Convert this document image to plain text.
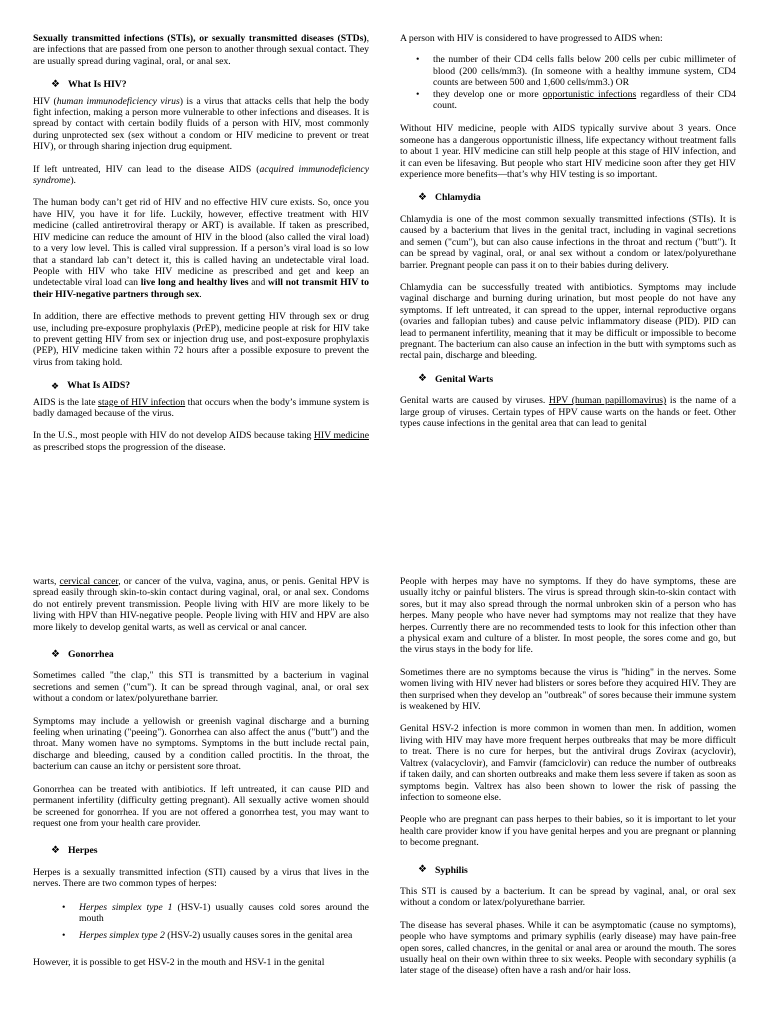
Sexually transmitted infections (STIs), or sexually transmitted diseases (STDs), are infections that are passed from one person to another through sexual contact. They are usually spread during vaginal, oral, or anal sex.

❖ What Is HIV?

HIV (human immunodeficiency virus) is a virus that attacks cells that help the body fight infection, making a person more vulnerable to other infections and diseases. It is spread by contact with certain bodily fluids of a person with HIV, most commonly during unprotected sex (sex without a condom or HIV medicine to prevent or treat HIV), or through sharing injection drug equipment.

If left untreated, HIV can lead to the disease AIDS (acquired immunodeficiency syndrome).

The human body can’t get rid of HIV and no effective HIV cure exists. So, once you have HIV, you have it for life. Luckily, however, effective treatment with HIV medicine (called antiretroviral therapy or ART) is available. If taken as prescribed, HIV medicine can reduce the amount of HIV in the blood (also called the viral load) to a very low level. This is called viral suppression. If a person’s viral load is so low that a standard lab can’t detect it, this is called having an undetectable viral load. People with HIV who take HIV medicine as prescribed and get and keep an undetectable viral load can live long and healthy lives and will not transmit HIV to their HIV-negative partners through sex.

In addition, there are effective methods to prevent getting HIV through sex or drug use, including pre-exposure prophylaxis (PrEP), medicine people at risk for HIV take to prevent getting HIV from sex or injection drug use, and post-exposure prophylaxis (PEP), HIV medicine taken within 72 hours after a possible exposure to prevent the virus from taking hold.

❖ What Is AIDS?

AIDS is the late stage of HIV infection that occurs when the body’s immune system is badly damaged because of the virus.

In the U.S., most people with HIV do not develop AIDS because taking HIV medicine as prescribed stops the progression of the disease.

A person with HIV is considered to have progressed to AIDS when:

• the number of their CD4 cells falls below 200 cells per cubic millimeter of blood (200 cells/mm3). (In someone with a healthy immune system, CD4 counts are between 500 and 1,600 cells/mm3.) OR
• they develop one or more opportunistic infections regardless of their CD4 count.

Without HIV medicine, people with AIDS typically survive about 3 years. Once someone has a dangerous opportunistic illness, life expectancy without treatment falls to about 1 year. HIV medicine can still help people at this stage of HIV infection, and it can even be lifesaving. But people who start HIV medicine soon after they get HIV experience more benefits—that’s why HIV testing is so important.

❖ Chlamydia

Chlamydia is one of the most common sexually transmitted infections (STIs). It is caused by a bacterium that lives in the genital tract, including in vaginal secretions and semen ("cum"), but can also cause infections in the throat and rectum ("butt"). It can be spread by vaginal, oral, or anal sex without a condom or latex/polyurethane barrier. Pregnant people can pass it on to their babies during delivery.

Chlamydia can be successfully treated with antibiotics. Symptoms may include vaginal discharge and burning during urination, but most people do not have any symptoms. If left untreated, it can spread to the upper, internal reproductive organs (ovaries and fallopian tubes) and cause pelvic inflammatory disease (PID). PID can lead to permanent infertility, meaning that it may be difficult or impossible to become pregnant. The bacterium can also cause an infection in the butt with symptoms such as rectal pain, discharge and bleeding.

❖ Genital Warts

Genital warts are caused by viruses. HPV (human papillomavirus) is the name of a large group of viruses. Certain types of HPV cause warts on the hands or feet. Other types cause infections in the genital area that can lead to genital

warts, cervical cancer, or cancer of the vulva, vagina, anus, or penis. Genital HPV is spread easily through skin-to-skin contact during vaginal, oral, or anal sex. Condoms do not entirely prevent transmission. People living with HIV are more likely to be living with HPV than HIV-negative people. People living with HIV and HPV are also more likely to develop genital warts, as well as cervical or anal cancer.

❖ Gonorrhea

Sometimes called "the clap," this STI is transmitted by a bacterium in vaginal secretions and semen ("cum"). It can be spread through vaginal, anal, or oral sex without a condom or latex/polyurethane barrier.

Symptoms may include a yellowish or greenish vaginal discharge and a burning feeling when urinating ("peeing"). Gonorrhea can also affect the anus ("butt") and the throat. Many women have no symptoms. Symptoms in the butt include rectal pain, discharge and bleeding, caused by a condition called proctitis. In the throat, the bacterium can cause an itchy or persistent sore throat.

Gonorrhea can be treated with antibiotics. If left untreated, it can cause PID and permanent infertility (difficulty getting pregnant). All sexually active women should be screened for gonorrhea. If you are not offered a gonorrhea test, you may want to request one from your health care provider.

❖ Herpes

Herpes is a sexually transmitted infection (STI) caused by a virus that lives in the nerves. There are two common types of herpes:

• Herpes simplex type 1 (HSV-1) usually causes cold sores around the mouth
• Herpes simplex type 2 (HSV-2) usually causes sores in the genital area

However, it is possible to get HSV-2 in the mouth and HSV-1 in the genital

People with herpes may have no symptoms. If they do have symptoms, these are usually itchy or painful blisters. The virus is spread through skin-to-skin contact with sores, but it may also spread through the normal unbroken skin of a person who has herpes. Many people who have never had symptoms may not realize that they have herpes. Currently there are no recommended tests to look for this infection other than a physical exam and culture of a blister. In most people, the sores come and go, but the virus stays in the body for life.

Sometimes there are no symptoms because the virus is "hiding" in the nerves. Some women living with HIV never had blisters or sores before they acquired HIV. They are then surprised when they develop an "outbreak" of sores because their immune system is weakened by HIV.

Genital HSV-2 infection is more common in women than men. In addition, women living with HIV may have more frequent herpes outbreaks that may be more difficult to treat. There is no cure for herpes, but the antiviral drugs Zovirax (acyclovir), Valtrex (valacyclovir), and Famvir (famciclovir) can reduce the number of outbreaks if taken daily, and can shorten outbreaks and make them less severe if taken as soon as symptoms begin. Valtrex has also been shown to lower the risk of passing the infection to someone else.

People who are pregnant can pass herpes to their babies, so it is important to let your health care provider know if you have genital herpes and you are pregnant or planning to become pregnant.

❖ Syphilis

This STI is caused by a bacterium. It can be spread by vaginal, anal, or oral sex without a condom or latex/polyurethane barrier.

The disease has several phases. While it can be asymptomatic (cause no symptoms), people who have symptoms and primary syphilis (early disease) may have pain-free open sores, called chancres, in the genital or anal area or around the mouth. The sores usually heal on their own within three to six weeks. People with secondary syphilis (a later stage of the disease) often have a rash and/or hair loss.
